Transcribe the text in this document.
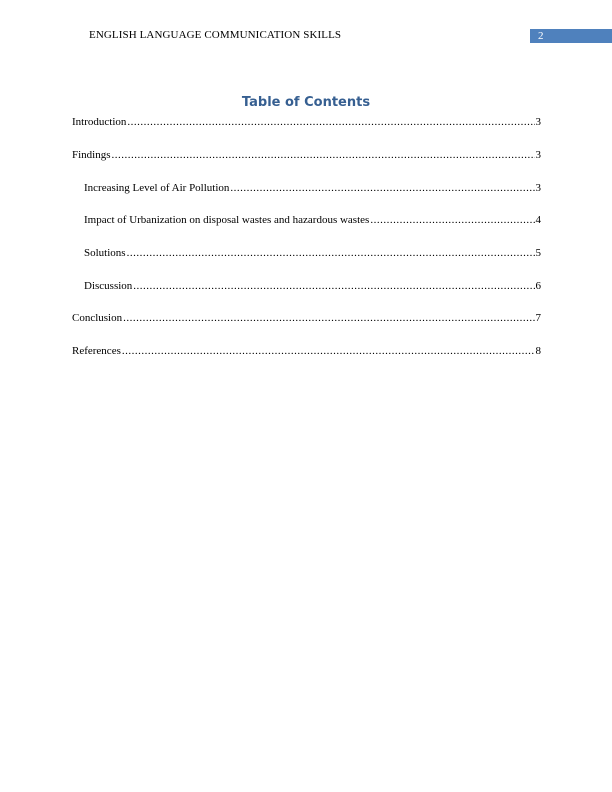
ENGLISH LANGUAGE COMMUNICATION SKILLS	2
Table of Contents
Introduction .....	3
Findings .....	3
Increasing Level of Air Pollution .....	3
Impact of Urbanization on disposal wastes and hazardous wastes .....	4
Solutions .....	5
Discussion .....	6
Conclusion .....	7
References .....	8
